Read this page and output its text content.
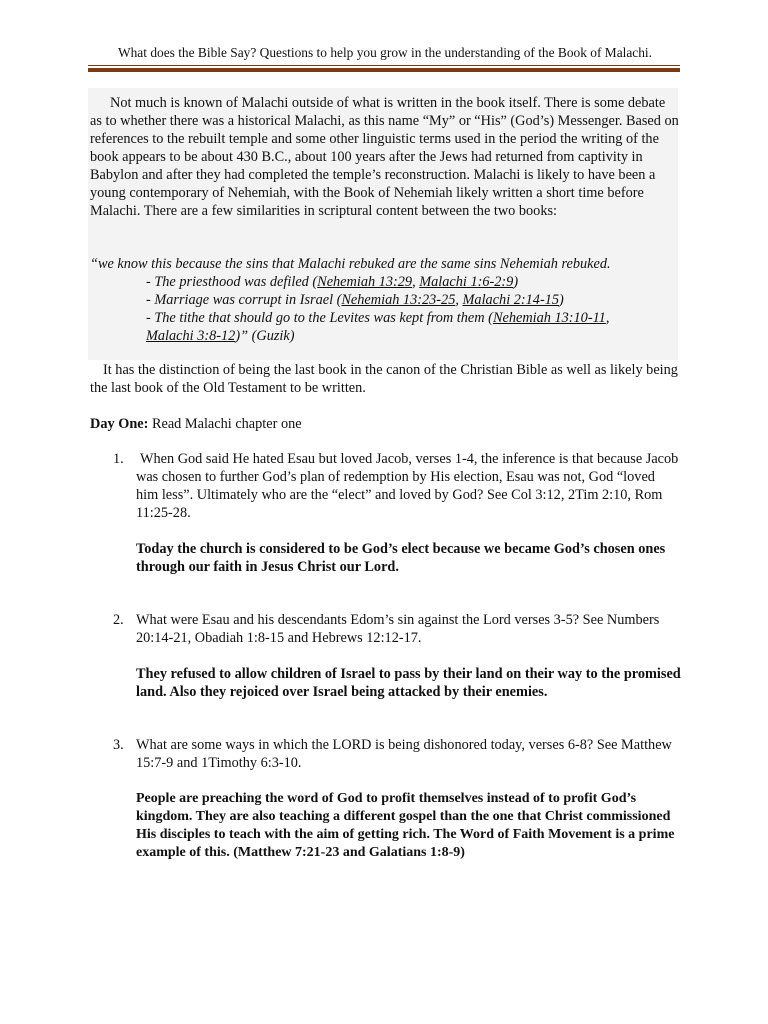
What does the Bible Say? Questions to help you grow in the understanding of the Book of Malachi.

Not much is known of Malachi outside of what is written in the book itself. There is some debate as to whether there was a historical Malachi, as this name “My” or “His” (God’s) Messenger. Based on references to the rebuilt temple and some other linguistic terms used in the period the writing of the book appears to be about 430 B.C., about 100 years after the Jews had returned from captivity in Babylon and after they had completed the temple’s reconstruction. Malachi is likely to have been a young contemporary of Nehemiah, with the Book of Nehemiah likely written a short time before Malachi. There are a few similarities in scriptural content between the two books:

“we know this because the sins that Malachi rebuked are the same sins Nehemiah rebuked.
- The priesthood was defiled (Nehemiah 13:29, Malachi 1:6-2:9)
- Marriage was corrupt in Israel (Nehemiah 13:23-25, Malachi 2:14-15)
- The tithe that should go to the Levites was kept from them (Nehemiah 13:10-11,
Malachi 3:8-12)” (Guzik)

It has the distinction of being the last book in the canon of the Christian Bible as well as likely being the last book of the Old Testament to be written.

Day One: Read Malachi chapter one

1.	When God said He hated Esau but loved Jacob, verses 1-4, the inference is that because Jacob was chosen to further God’s plan of redemption by His election, Esau was not, God “loved him less”. Ultimately who are the “elect” and loved by God? See Col 3:12, 2Tim 2:10, Rom 11:25-28.

Today the church is considered to be God’s elect because we became God’s chosen ones through our faith in Jesus Christ our Lord.

2. What were Esau and his descendants Edom’s sin against the Lord verses 3-5? See Numbers 20:14-21, Obadiah 1:8-15 and Hebrews 12:12-17.

They refused to allow children of Israel to pass by their land on their way to the promised land. Also they rejoiced over Israel being attacked by their enemies.

3. What are some ways in which the LORD is being dishonored today, verses 6-8? See Matthew 15:7-9 and 1Timothy 6:3-10.

People are preaching the word of God to profit themselves instead of to profit God’s kingdom. They are also teaching a different gospel than the one that Christ commissioned His disciples to teach with the aim of getting rich. The Word of Faith Movement is a prime example of this. (Matthew 7:21-23 and Galatians 1:8-9)
